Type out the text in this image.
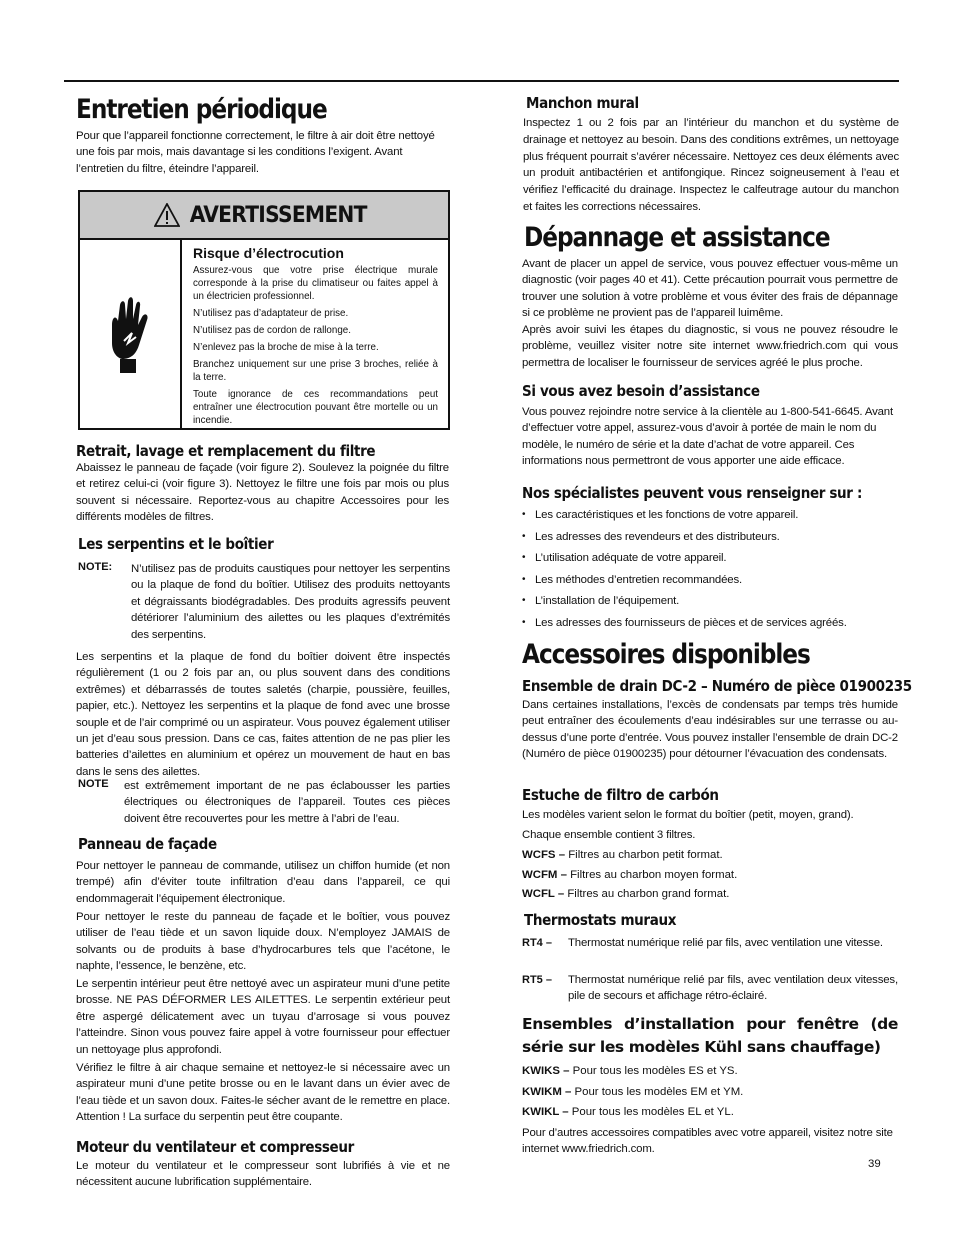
Entretien périodique

Pour que l’appareil fonctionne correctement, le filtre à air doit être nettoyé une fois par mois, mais davantage si les conditions l’exigent. Avant l’entretien du filtre, éteindre l’appareil.

AVERTISSEMENT
Risque d’électrocution
Assurez-vous que votre prise électrique murale corresponde à la prise du climatiseur ou faites appel à un électricien professionnel.
N’utilisez pas d’adaptateur de prise.
N’utilisez pas de cordon de rallonge.
N’enlevez pas la broche de mise à la terre.
Branchez uniquement sur une prise 3 broches, reliée à la terre.
Toute ignorance de ces recommandations peut entraîner une électrocution pouvant être mortelle ou un incendie.
Retrait, lavage et remplacement du filtre

Abaissez le panneau de façade (voir figure 2). Soulevez la poignée du filtre et retirez celui-ci (voir figure 3). Nettoyez le filtre une fois par mois ou plus souvent si nécessaire. Reportez-vous au chapitre Accessoires pour les différents modèles de filtres.

Les serpentins et le boîtier
NOTE:	N’utilisez pas de produits caustiques pour nettoyer les serpentins ou la plaque de fond du boîtier. Utilisez des produits nettoyants et dégraissants biodégradables. Des produits agressifs peuvent détériorer l’aluminium des ailettes ou les plaques d’extrémités des serpentins.

Les serpentins et la plaque de fond du boîtier doivent être inspectés régulièrement (1 ou 2 fois par an, ou plus souvent dans des conditions extrêmes) et débarrassés de toutes saletés (charpie, poussière, feuilles, papier, etc.). Nettoyez les serpentins et la plaque de fond avec une brosse souple et de l’air comprimé ou un aspirateur. Vous pouvez également utiliser un jet d’eau sous pression. Dans ce cas, faites attention de ne pas plier les batteries d’ailettes en aluminium et opérez un mouvement de haut en bas dans le sens des ailettes.

NOTE	est extrêmement important de ne pas éclabousser les parties électriques ou électroniques de l’appareil. Toutes ces pièces doivent être recouvertes pour les mettre à l’abri de l’eau.
Panneau de façade

Pour nettoyer le panneau de commande, utilisez un chiffon humide (et non trempé) afin d’éviter toute infiltration d’eau dans l’appareil, ce qui endommagerait l’équipement électronique.

Pour nettoyer le reste du panneau de façade et le boîtier, vous pouvez utiliser de l’eau tiède et un savon liquide doux. N’employez JAMAIS de solvants ou de produits à base d’hydrocarbures tels que l’acétone, le naphte, l’essence, le benzène, etc.

Le serpentin intérieur peut être nettoyé avec un aspirateur muni d’une petite brosse. NE PAS DÉFORMER LES AILETTES. Le serpentin extérieur peut être aspergé délicatement avec un tuyau d’arrosage si vous pouvez l’atteindre. Sinon vous pouvez faire appel à votre fournisseur pour effectuer un nettoyage plus approfondi.

Vérifiez le filtre à air chaque semaine et nettoyez-le si nécessaire avec un aspirateur muni d’une petite brosse ou en le lavant dans un évier avec de l’eau tiède et un savon doux. Faites-le sécher avant de le remettre en place. Attention ! La surface du serpentin peut être coupante.

Moteur du ventilateur et compresseur

Le moteur du ventilateur et le compresseur sont lubrifiés à vie et ne nécessitent aucune lubrification supplémentaire.

Manchon mural

Inspectez 1 ou 2 fois par an l’intérieur du manchon et du système de drainage et nettoyez au besoin. Dans des conditions extrêmes, un nettoyage plus fréquent pourrait s’avérer nécessaire. Nettoyez ces deux éléments avec un produit antibactérien et antifongique. Rincez soigneusement à l’eau et vérifiez l’efficacité du drainage. Inspectez le calfeutrage autour du manchon et faites les corrections nécessaires.

Dépannage et assistance

Avant de placer un appel de service, vous pouvez effectuer vous-même un diagnostic (voir pages 40 et 41). Cette précaution pourrait vous permettre de trouver une solution à votre problème et vous éviter des frais de dépannage si ce problème ne provient pas de l’appareil luimême.

Après avoir suivi les étapes du diagnostic, si vous ne pouvez résoudre le problème, veuillez visiter notre site internet www.friedrich.com qui vous permettra de localiser le fournisseur de services agréé le plus proche.

Si vous avez besoin d’assistance

Vous pouvez rejoindre notre service à la clientèle au 1-800-541-6645. Avant d’effectuer votre appel, assurez-vous d’avoir à portée de main le nom du modèle, le numéro de série et la date d’achat de votre appareil. Ces informations nous permettront de vous apporter une aide efficace.

Nos spécialistes peuvent vous renseigner sur :
• Les caractéristiques et les fonctions de votre appareil.
• Les adresses des revendeurs et des distributeurs.
• L’utilisation adéquate de votre appareil.
• Les méthodes d’entretien recommandées.
• L’installation de l’équipement.
• Les adresses des fournisseurs de pièces et de services agréés.
Accessoires disponibles
Ensemble de drain DC-2 – Numéro de pièce 01900235

Dans certaines installations, l’excès de condensats par temps très humide peut entraîner des écoulements d’eau indésirables sur une terrasse ou au-dessus d’une porte d’entrée. Vous pouvez installer l’ensemble de drain DC-2 (Numéro de pièce 01900235) pour détourner l’évacuation des condensats.

Estuche de filtro de carbón

Les modèles varient selon le format du boîtier (petit, moyen, grand).

Chaque ensemble contient 3 filtres.

WCFS – Filtres au charbon petit format.
WCFM – Filtres au charbon moyen format.
WCFL – Filtres au charbon grand format.
Thermostats muraux
RT4 –	Thermostat numérique relié par fils, avec ventilation une vitesse.
RT5 –	Thermostat numérique relié par fils, avec ventilation deux vitesses, pile de secours et affichage rétro-éclairé.
Ensembles d’installation pour fenêtre (de série sur les modèles Kühl sans chauffage)
KWIKS – Pour tous les modèles ES et YS.
KWIKM – Pour tous les modèles EM et YM.
KWIKL – Pour tous les modèles EL et YL.

Pour d’autres accessoires compatibles avec votre appareil, visitez notre site internet www.friedrich.com.

39
